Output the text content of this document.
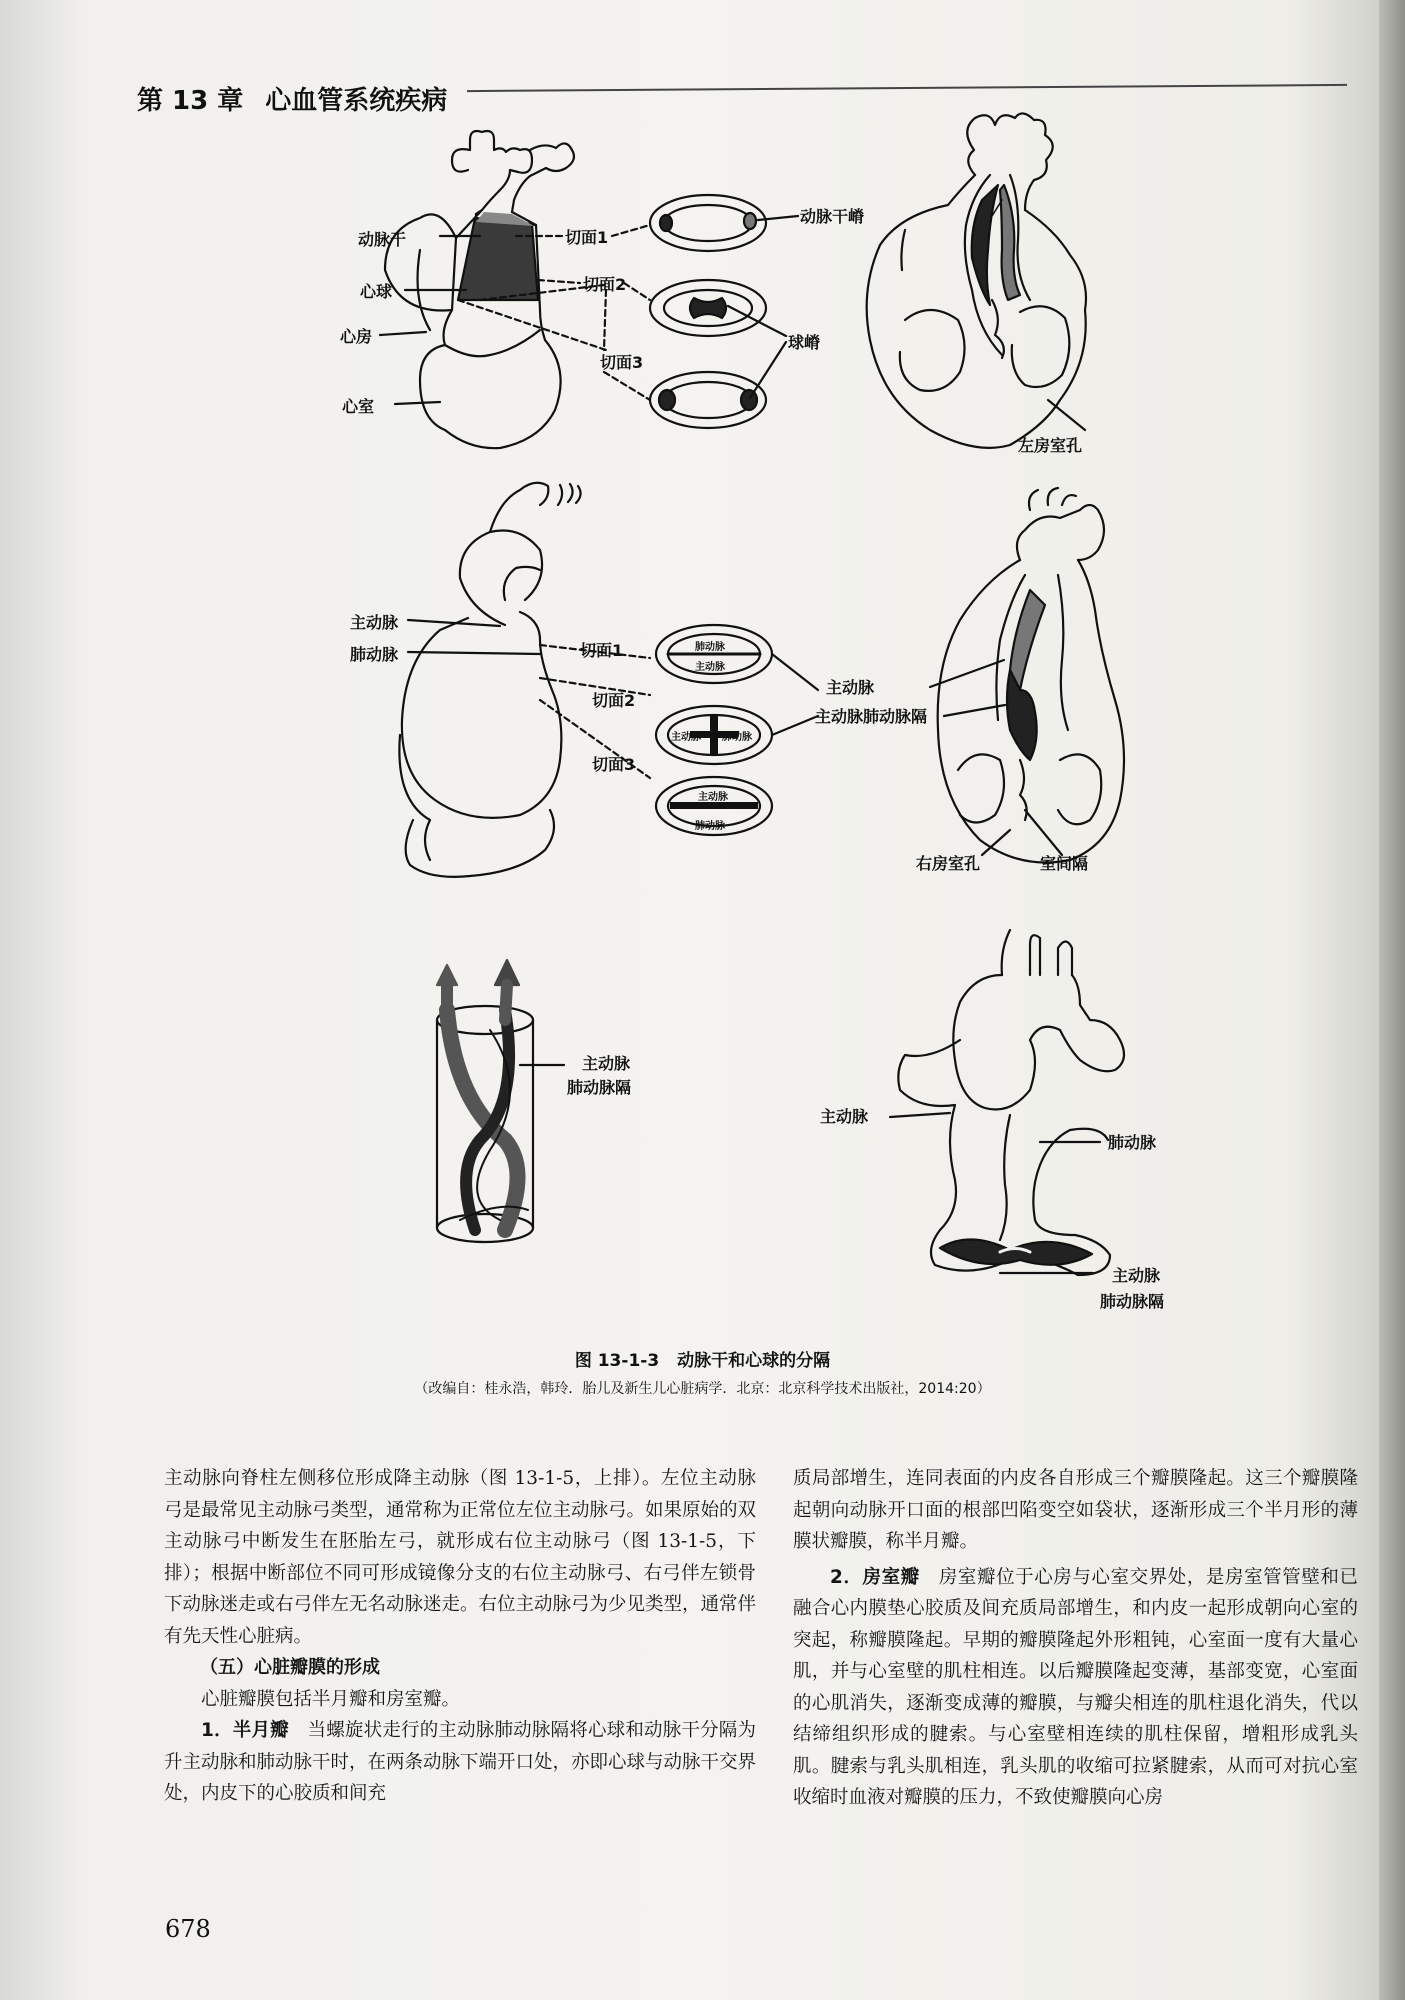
第 13 章 心血管系统疾病
动脉干
心球
心房
心室
切面1
切面2
切面3
动脉干嵴
球嵴
左房室孔
主动脉
肺动脉	切面1
切面2
切面3
肺动脉
主动脉
主动脉 肺动脉
主动脉
肺动脉
主动脉
主动脉肺动脉隔
右房室孔	室间隔
主动脉
肺动脉隔
主动脉
肺动脉
主动脉
肺动脉隔
图 13-1-3 动脉干和心球的分隔
（改编自：桂永浩，韩玲．胎儿及新生儿心脏病学．北京：北京科学技术出版社，2014:20）

主动脉向脊柱左侧移位形成降主动脉（图 13-1-5，上排）。左位主动脉弓是最常见主动脉弓类型，通常称为正常位左位主动脉弓。如果原始的双主动脉弓中断发生在胚胎左弓，就形成右位主动脉弓（图 13-1-5，下排）；根据中断部位不同可形成镜像分支的右位主动脉弓、右弓伴左锁骨下动脉迷走或右弓伴左无名动脉迷走。右位主动脉弓为少见类型，通常伴有先天性心脏病。

（五）心脏瓣膜的形成

心脏瓣膜包括半月瓣和房室瓣。

1．半月瓣　 当螺旋状走行的主动脉肺动脉隔将心球和动脉干分隔为升主动脉和肺动脉干时，在两条动脉下端开口处，亦即心球与动脉干交界处，内皮下的心胶质和间充

质局部增生，连同表面的内皮各自形成三个瓣膜隆起。这三个瓣膜隆起朝向动脉开口面的根部凹陷变空如袋状，逐渐形成三个半月形的薄膜状瓣膜，称半月瓣。

2．房室瓣　 房室瓣位于心房与心室交界处，是房室管管壁和已融合心内膜垫心胶质及间充质局部增生，和内皮一起形成朝向心室的突起，称瓣膜隆起。早期的瓣膜隆起外形粗钝，心室面一度有大量心肌，并与心室壁的肌柱相连。以后瓣膜隆起变薄，基部变宽，心室面的心肌消失，逐渐变成薄的瓣膜，与瓣尖相连的肌柱退化消失，代以结缔组织形成的腱索。与心室壁相连续的肌柱保留，增粗形成乳头肌。腱索与乳头肌相连，乳头肌的收缩可拉紧腱索，从而可对抗心室收缩时血液对瓣膜的压力，不致使瓣膜向心房

678
